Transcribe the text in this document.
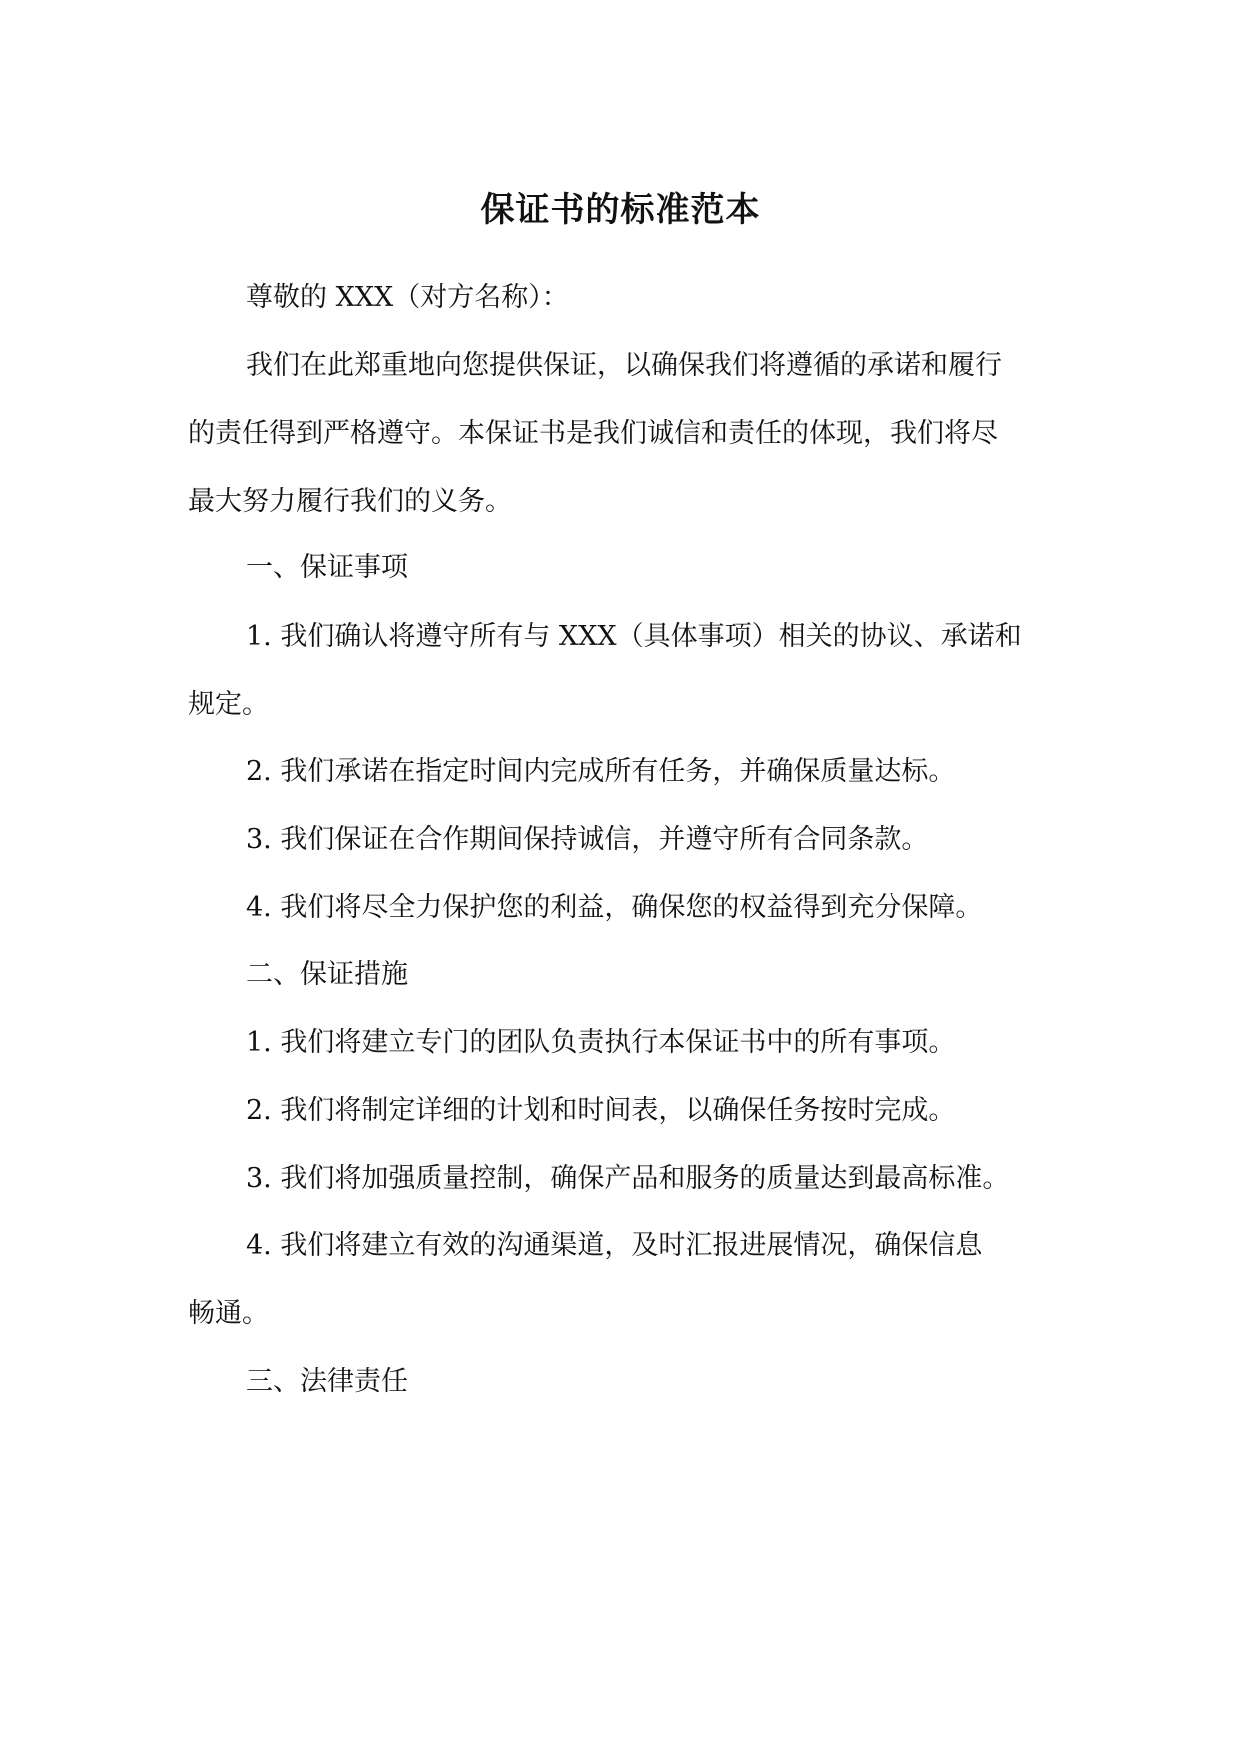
保证书的标准范本
尊敬的 XXX（对方名称）：
我们在此郑重地向您提供保证，以确保我们将遵循的承诺和履行
的责任得到严格遵守。本保证书是我们诚信和责任的体现，我们将尽
最大努力履行我们的义务。
一、保证事项
1. 我们确认将遵守所有与 XXX（具体事项）相关的协议、承诺和
规定。
2. 我们承诺在指定时间内完成所有任务，并确保质量达标。
3. 我们保证在合作期间保持诚信，并遵守所有合同条款。
4. 我们将尽全力保护您的利益，确保您的权益得到充分保障。
二、保证措施
1. 我们将建立专门的团队负责执行本保证书中的所有事项。
2. 我们将制定详细的计划和时间表，以确保任务按时完成。
3. 我们将加强质量控制，确保产品和服务的质量达到最高标准。
4. 我们将建立有效的沟通渠道，及时汇报进展情况，确保信息
畅通。
三、法律责任
